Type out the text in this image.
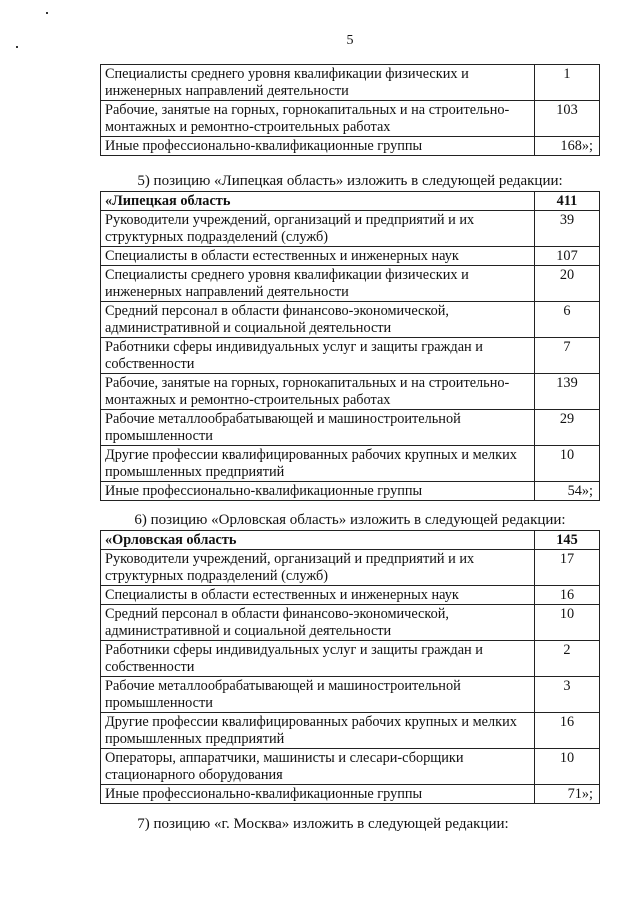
5
Специалисты среднего уровня квалификации физических и инженерных направлений деятельности	1
Рабочие, занятые на горных, горнокапитальных и на строительно-монтажных и ремонтно-строительных работах	103
Иные профессионально-квалификационные группы	168»;
5) позицию «Липецкая область» изложить в следующей редакции:
«Липецкая область	411
Руководители учреждений, организаций и предприятий и их структурных подразделений (служб)	39
Специалисты в области естественных и инженерных наук	107
Специалисты среднего уровня квалификации физических и инженерных направлений деятельности	20
Средний персонал в области финансово-экономической, административной и социальной деятельности	6
Работники сферы индивидуальных услуг и защиты граждан и собственности	7
Рабочие, занятые на горных, горнокапитальных и на строительно-монтажных и ремонтно-строительных работах	139
Рабочие металлообрабатывающей и машиностроительной промышленности	29
Другие профессии квалифицированных рабочих крупных и мелких промышленных предприятий	10
Иные профессионально-квалификационные группы	54»;
6) позицию «Орловская область» изложить в следующей редакции:
«Орловская область	145
Руководители учреждений, организаций и предприятий и их структурных подразделений (служб)	17
Специалисты в области естественных и инженерных наук	16
Средний персонал в области финансово-экономической, административной и социальной деятельности	10
Работники сферы индивидуальных услуг и защиты граждан и собственности	2
Рабочие металлообрабатывающей и машиностроительной промышленности	3
Другие профессии квалифицированных рабочих крупных и мелких промышленных предприятий	16
Операторы, аппаратчики, машинисты и слесари-сборщики стационарного оборудования	10
Иные профессионально-квалификационные группы	71»;
7) позицию «г. Москва» изложить в следующей редакции:
